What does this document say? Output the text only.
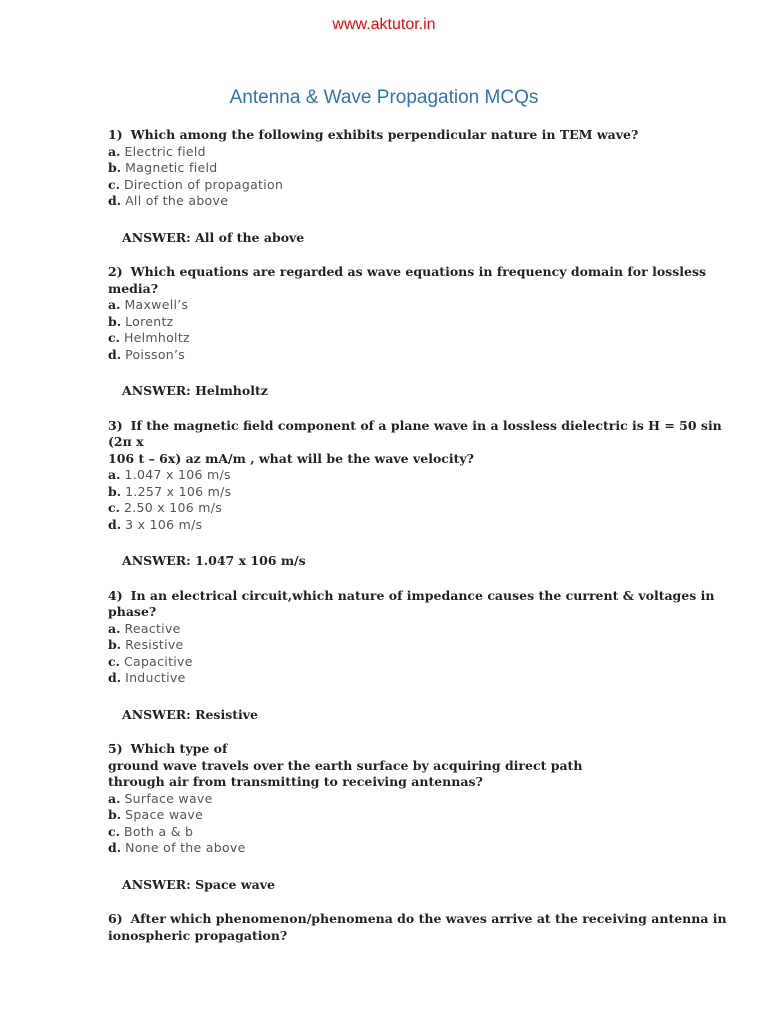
www.aktutor.in
Antenna & Wave Propagation MCQs
1) Which among the following exhibits perpendicular nature in TEM wave?
a. Electric field
b. Magnetic field
c. Direction of propagation
d. All of the above
ANSWER: All of the above
2) Which equations are regarded as wave equations in frequency domain for lossless
media?
a. Maxwell’s
b. Lorentz
c. Helmholtz
d. Poisson’s
ANSWER: Helmholtz
3) If the magnetic field component of a plane wave in a lossless dielectric is H = 50 sin (2π x
106 t – 6x) az mA/m , what will be the wave velocity?
a. 1.047 x 106 m/s
b. 1.257 x 106 m/s
c. 2.50 x 106 m/s
d. 3 x 106 m/s
ANSWER: 1.047 x 106 m/s
4) In an electrical circuit,which nature of impedance causes the current & voltages in
phase?
a. Reactive
b. Resistive
c. Capacitive
d. Inductive
ANSWER: Resistive
5) Which type of
ground wave travels over the earth surface by acquiring direct path
through air from transmitting to receiving antennas?
a. Surface wave
b. Space wave
c. Both a & b
d. None of the above
ANSWER: Space wave
6) After which phenomenon/phenomena do the waves arrive at the receiving antenna in
ionospheric propagation?
